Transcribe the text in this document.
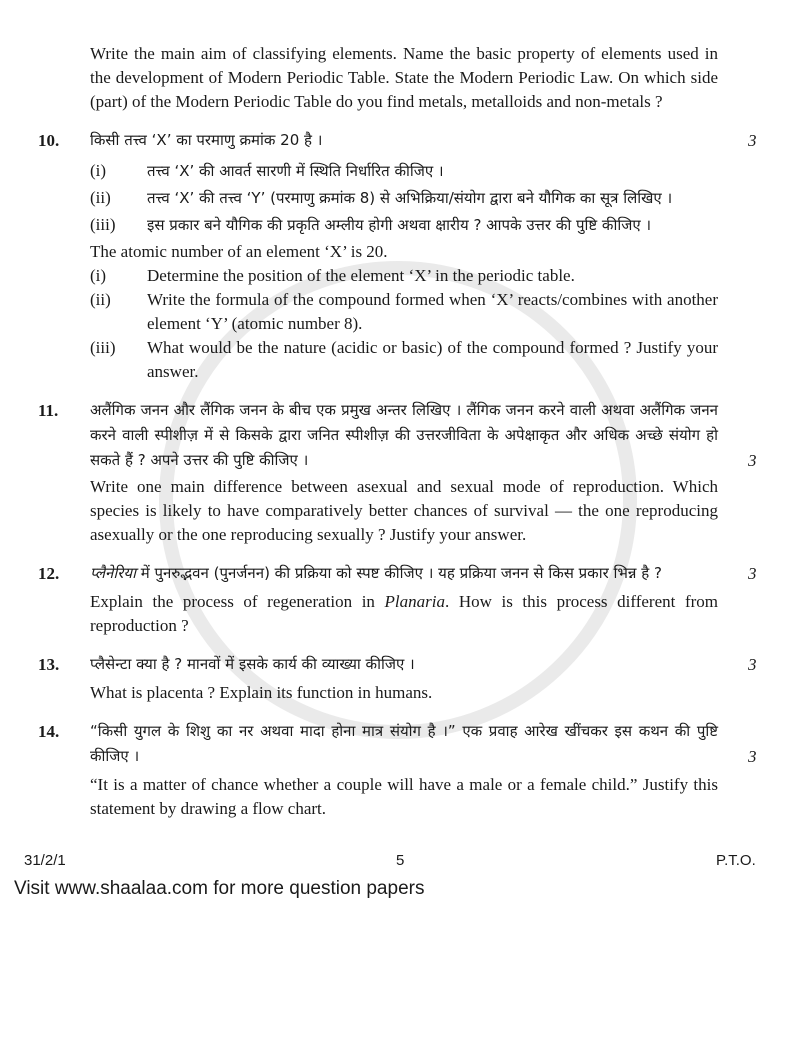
Write the main aim of classifying elements. Name the basic property of elements used in the development of Modern Periodic Table. State the Modern Periodic Law. On which side (part) of the Modern Periodic Table do you find metals, metalloids and non-metals ?
10.	किसी तत्त्व ‘X’ का परमाणु क्रमांक 20 है ।	3
(i)	तत्त्व ‘X’ की आवर्त सारणी में स्थिति निर्धारित कीजिए ।
(ii)	तत्त्व ‘X’ की तत्त्व ‘Y’ (परमाणु क्रमांक 8) से अभिक्रिया/संयोग द्वारा बने यौगिक का सूत्र लिखिए ।
(iii)	इस प्रकार बने यौगिक की प्रकृति अम्लीय होगी अथवा क्षारीय ? आपके उत्तर की पुष्टि कीजिए ।
The atomic number of an element ‘X’ is 20.
(i)	Determine the position of the element ‘X’ in the periodic table.
(ii)	Write the formula of the compound formed when ‘X’ reacts/combines with another element ‘Y’ (atomic number 8).
(iii)	What would be the nature (acidic or basic) of the compound formed ? Justify your answer.
11.	अलैंगिक जनन और लैंगिक जनन के बीच एक प्रमुख अन्तर लिखिए । लैंगिक जनन करने वाली अथवा अलैंगिक जनन करने वाली स्पीशीज़ में से किसके द्वारा जनित स्पीशीज़ की उत्तरजीविता के अपेक्षाकृत और अधिक अच्छे संयोग हो सकते हैं ? अपने उत्तर की पुष्टि कीजिए ।	3
Write one main difference between asexual and sexual mode of reproduction. Which species is likely to have comparatively better chances of survival — the one reproducing asexually or the one reproducing sexually ? Justify your answer.
12.	प्लैनेरिया में पुनरुद्भवन (पुनर्जनन) की प्रक्रिया को स्पष्ट कीजिए । यह प्रक्रिया जनन से किस प्रकार भिन्न है ?	3
Explain the process of regeneration in Planaria. How is this process different from reproduction ?
13.	प्लैसेन्टा क्या है ? मानवों में इसके कार्य की व्याख्या कीजिए ।	3
What is placenta ? Explain its function in humans.
14.	“किसी युगल के शिशु का नर अथवा मादा होना मात्र संयोग है ।” एक प्रवाह आरेख खींचकर इस कथन की पुष्टि कीजिए ।	3
“It is a matter of chance whether a couple will have a male or a female child.” Justify this statement by drawing a flow chart.
31/2/1	5	P.T.O.
Visit www.shaalaa.com for more question papers
